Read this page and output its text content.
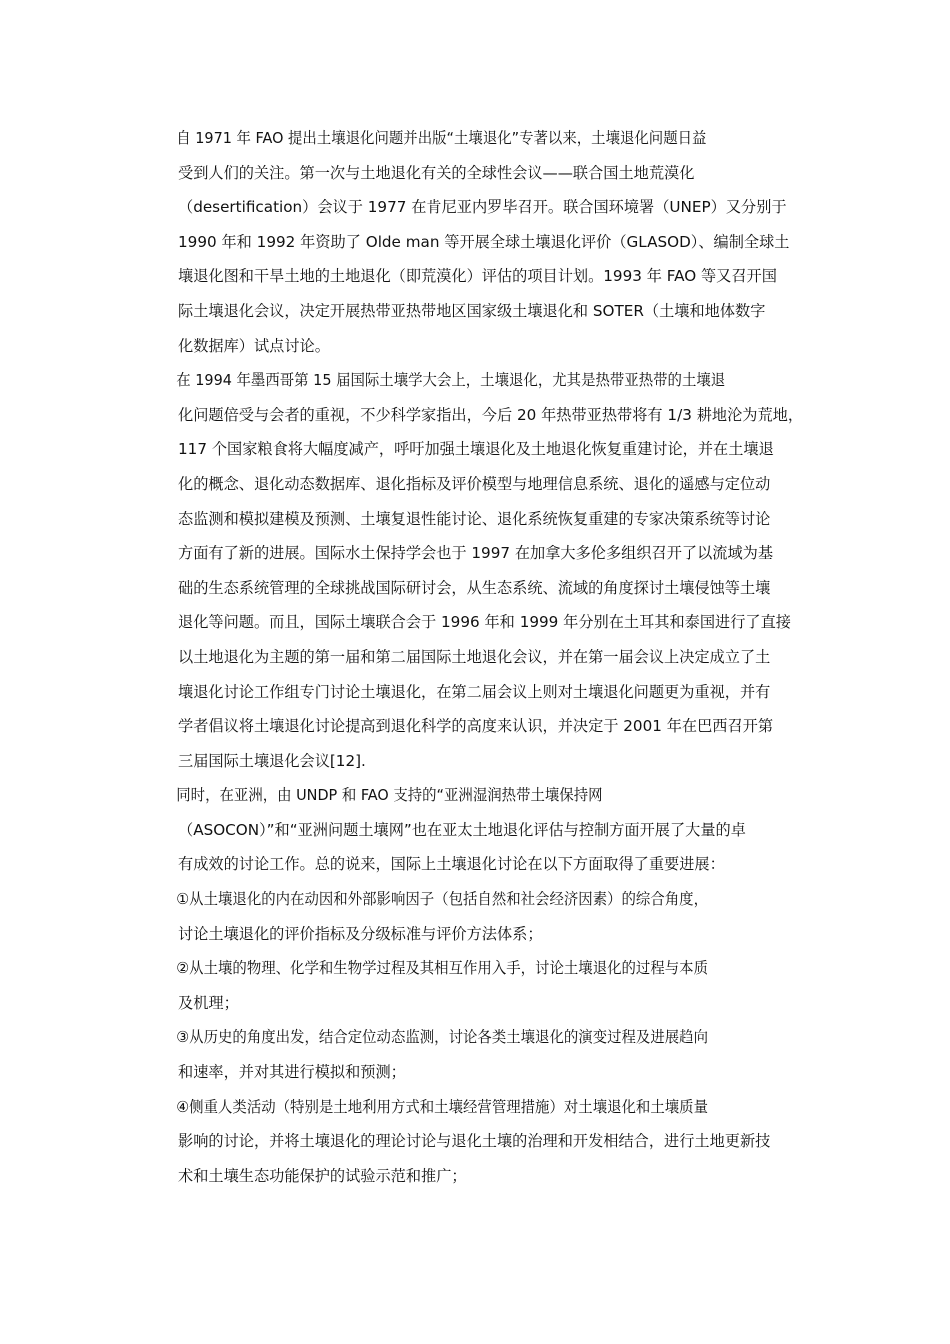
自 1971 年 FAO 提出土壤退化问题并出版“土壤退化”专著以来，土壤退化问题日益
受到人们的关注。第一次与土地退化有关的全球性会议——联合国土地荒漠化
（desertification）会议于 1977 在肯尼亚内罗毕召开。联合国环境署（UNEP）又分别于
1990 年和 1992 年资助了 Olde man 等开展全球土壤退化评价（GLASOD）、编制全球土
壤退化图和干旱土地的土地退化（即荒漠化）评估的项目计划。1993 年 FAO 等又召开国
际土壤退化会议，决定开展热带亚热带地区国家级土壤退化和 SOTER（土壤和地体数字
化数据库）试点讨论。

在 1994 年墨西哥第 15 届国际土壤学大会上，土壤退化，尤其是热带亚热带的土壤退
化问题倍受与会者的重视，不少科学家指出，今后 20 年热带亚热带将有 1/3 耕地沦为荒地，
117 个国家粮食将大幅度减产，呼吁加强土壤退化及土地退化恢复重建讨论，并在土壤退
化的概念、退化动态数据库、退化指标及评价模型与地理信息系统、退化的遥感与定位动
态监测和模拟建模及预测、土壤复退性能讨论、退化系统恢复重建的专家决策系统等讨论
方面有了新的进展。国际水土保持学会也于 1997 在加拿大多伦多组织召开了以流域为基
础的生态系统管理的全球挑战国际研讨会，从生态系统、流域的角度探讨土壤侵蚀等土壤
退化等问题。而且，国际土壤联合会于 1996 年和 1999 年分别在土耳其和泰国进行了直接
以土地退化为主题的第一届和第二届国际土地退化会议，并在第一届会议上决定成立了土
壤退化讨论工作组专门讨论土壤退化，在第二届会议上则对土壤退化问题更为重视，并有
学者倡议将土壤退化讨论提高到退化科学的高度来认识，并决定于 2001 年在巴西召开第
三届国际土壤退化会议[12].

同时，在亚洲，由 UNDP 和 FAO 支持的“亚洲湿润热带土壤保持网
（ASOCON）”和“亚洲问题土壤网”也在亚太土地退化评估与控制方面开展了大量的卓
有成效的讨论工作。总的说来，国际上土壤退化讨论在以下方面取得了重要进展：

①从土壤退化的内在动因和外部影响因子（包括自然和社会经济因素）的综合角度，
讨论土壤退化的评价指标及分级标准与评价方法体系；

②从土壤的物理、化学和生物学过程及其相互作用入手，讨论土壤退化的过程与本质
及机理；

③从历史的角度出发，结合定位动态监测，讨论各类土壤退化的演变过程及进展趋向
和速率，并对其进行模拟和预测；

④侧重人类活动（特别是土地利用方式和土壤经营管理措施）对土壤退化和土壤质量
影响的讨论，并将土壤退化的理论讨论与退化土壤的治理和开发相结合，进行土地更新技
术和土壤生态功能保护的试验示范和推广；
